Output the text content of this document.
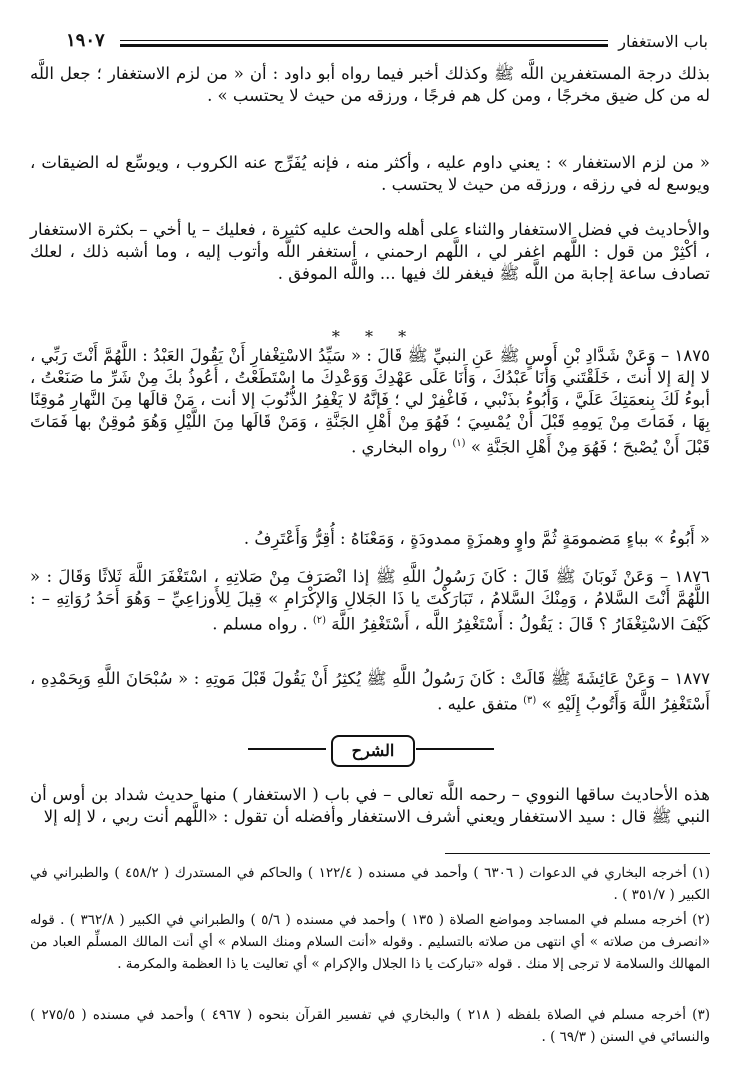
باب الاستغفار
١٩٠٧

بذلك درجة المستغفرين اللَّه ﷺ وكذلك أخبر فيما رواه أبو داود : أن « من لزم الاستغفار ؛ جعل اللَّه له من كل ضيق مخرجًا ، ومن كل هم فرجًا ، ورزقه من حيث لا يحتسب » .

« من لزم الاستغفار » : يعني داوم عليه ، وأكثر منه ، فإنه يُفَرِّج عنه الكروب ، ويوسِّع له الضيقات ، ويوسع له في رزقه ، ورزقه من حيث لا يحتسب .

والأحاديث في فضل الاستغفار والثناء على أهله والحث عليه كثيرة ، فعليك – يا أخي – بكثرة الاستغفار ، أكْثِرْ من قول : اللَّهم اغفر لي ، اللَّهم ارحمني ، أستغفر اللَّه وأتوب إليه ، وما أشبه ذلك ، لعلك تصادف ساعة إجابة من اللَّه ﷺ فيغفر لك فيها ... واللَّه الموفق .

* * *

١٨٧٥ – وَعَنْ شَدَّادِ بْنِ أَوسٍ ﷺ عَنِ النبيِّ ﷺ قَالَ : « سَيِّدُ الاسْتِغْفارِ أَنْ يَقُولَ العَبْدُ : اللَّهُمَّ أَنْتَ رَبِّي ، لا إلهَ إلا أَنتَ ، خَلَقْتَني وَأَنَا عَبْدُكَ ، وَأَنَا عَلَى عَهْدِكَ وَوَعْدِكَ ما اسْتَطَعْتُ ، أَعُوذُ بكَ مِنْ شَرِّ ما صَنَعْتُ ، أبوءُ لَكَ بِنعمَتِكَ عَلَيَّ ، وَأَبُوءُ بذَنْبي ، فَاغْفِرْ لي ؛ فَإنَّهُ لا يَغْفِرُ الذُّنُوبَ إلا أنت ، مَنْ قالَها مِنَ النَّهارِ مُوقِنًا بِهَا ، فَمَاتَ مِنْ يَومِهِ قَبْلَ أَنْ يُمْسِيَ ؛ فَهُوَ مِنْ أَهْلِ الجَنَّةِ ، وَمَنْ قَالَها مِنَ اللَّيْلِ وَهُوَ مُوقِنٌ بها فَمَاتَ قَبْلَ أَنْ يُصْبحَ ؛ فَهُوَ مِنْ أَهْلِ الجَنَّةِ » $^{(١)}$ رواه البخاري .

« أَبُوءُ » بباءٍ مَضمومَةٍ ثُمَّ واوٍ وهمزَةٍ ممدودَةٍ ، وَمَعْنَاهُ : أُقِرُّ وَأَعْتَرِفُ .

١٨٧٦ – وَعَنْ ثَوبَانَ ﷺ قَالَ : كَانَ رَسُولُ اللَّهِ ﷺ إذا انْصَرَفَ مِنْ صَلاتِهِ ، اسْتَغْفَرَ اللَّهَ ثَلاثًا وَقَالَ : « اللَّهُمَّ أَنْتَ السَّلامُ ، وَمِنْكَ السَّلامُ ، تَبَارَكْتَ يا ذَا الجَلالِ وَالإكْرَامِ » قِيلَ لِلأَوزاعِيِّ – وَهُوَ أَحَدُ رُوَاتِهِ – : كَيْفَ الاسْتِغْفَارُ ؟ قَالَ : يَقُولُ : أَسْتَغْفِرُ اللَّه ، أَسْتَغْفِرُ اللَّهَ $^{(٢)}$ . رواه مسلم .

١٨٧٧ – وَعَنْ عَائِشَةَ ﷺ قَالَتْ : كَانَ رَسُولُ اللَّهِ ﷺ يُكثِرُ أَنْ يَقُولَ قَبْلَ مَوتِهِ : « سُبْحَانَ اللَّهِ وَبِحَمْدِهِ ، أَسْتَغْفِرُ اللَّهَ وَأَتُوبُ إِلَيْهِ » $^{(٣)}$ متفق عليه .

الشرح

هذه الأحاديث ساقها النووي – رحمه اللَّه تعالى – في باب ( الاستغفار ) منها حديث شداد بن أوس أن النبي ﷺ قال : سيد الاستغفار ويعني أشرف الاستغفار وأفضله أن تقول : «اللَّهم أنت ربي ، لا إله إلا

(١) أخرجه البخاري في الدعوات ( ٦٣٠٦ ) وأحمد في مسنده ( ١٢٢/٤ ) والحاكم في المستدرك ( ٤٥٨/٢ ) والطبراني في الكبير ( ٣٥١/٧ ) .

(٢) أخرجه مسلم في المساجد ومواضع الصلاة ( ١٣٥ ) وأحمد في مسنده ( ٥/٦ ) والطبراني في الكبير ( ٣٦٢/٨ ) . قوله «انصرف من صلاته » أي انتهى من صلاته بالتسليم . وقوله «أنت السلام ومنك السلام » أي أنت المالك المسلِّم العباد من المهالك والسلامة لا ترجى إلا منك . قوله «تباركت يا ذا الجلال والإكرام » أي تعاليت يا ذا العظمة والمكرمة .

(٣) أخرجه مسلم في الصلاة بلفظه ( ٢١٨ ) والبخاري في تفسير القرآن بنحوه ( ٤٩٦٧ ) وأحمد في مسنده ( ٢٧٥/٥ ) والنسائي في السنن ( ٦٩/٣ ) .
